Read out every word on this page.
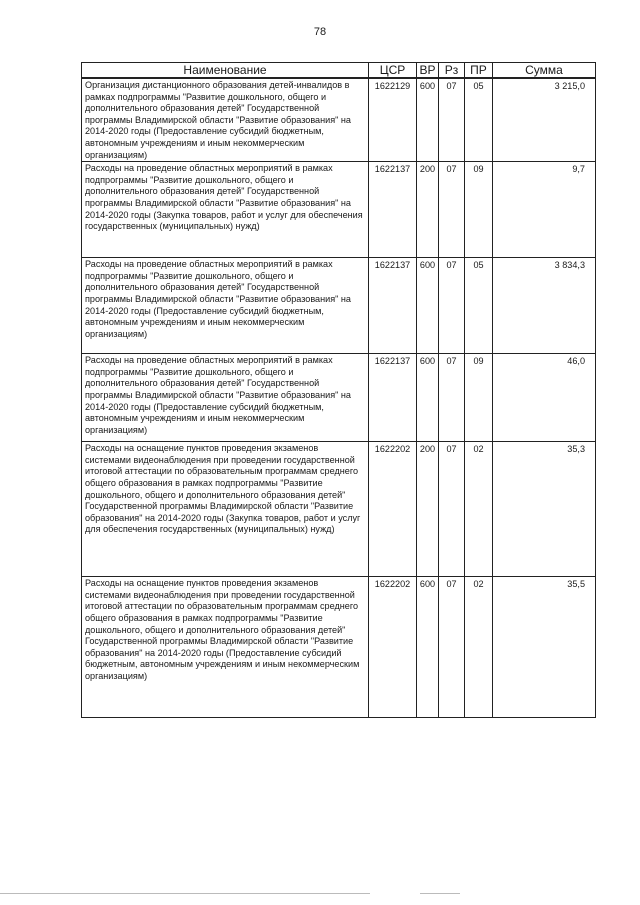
78
Наименование	ЦСР	ВР	Рз	ПР	Сумма
Организация дистанционного образования детей-инвалидов в рамках подпрограммы "Развитие дошкольного, общего и дополнительного образования детей" Государственной программы Владимирской области "Развитие образования" на 2014-2020 годы (Предоставление субсидий бюджетным, автономным учреждениям и иным некоммерческим организациям)	1622129	600	07	05	3 215,0
Расходы на проведение областных мероприятий в рамках подпрограммы "Развитие дошкольного, общего и дополнительного образования детей" Государственной программы Владимирской области "Развитие образования" на 2014-2020 годы (Закупка товаров, работ и услуг для обеспечения государственных (муниципальных) нужд)	1622137	200	07	09	9,7
Расходы на проведение областных мероприятий в рамках подпрограммы "Развитие дошкольного, общего и дополнительного образования детей" Государственной программы Владимирской области "Развитие образования" на 2014-2020 годы (Предоставление субсидий бюджетным, автономным учреждениям и иным некоммерческим организациям)	1622137	600	07	05	3 834,3
Расходы на проведение областных мероприятий в рамках подпрограммы "Развитие дошкольного, общего и дополнительного образования детей" Государственной программы Владимирской области "Развитие образования" на 2014-2020 годы (Предоставление субсидий бюджетным, автономным учреждениям и иным некоммерческим организациям)	1622137	600	07	09	46,0
Расходы на оснащение пунктов проведения экзаменов системами видеонаблюдения при проведении государственной итоговой аттестации по образовательным программам среднего общего образования в рамках подпрограммы "Развитие дошкольного, общего и дополнительного образования детей" Государственной программы Владимирской области "Развитие образования" на 2014-2020 годы (Закупка товаров, работ и услуг для обеспечения государственных (муниципальных) нужд)	1622202	200	07	02	35,3
Расходы на оснащение пунктов проведения экзаменов системами видеонаблюдения при проведении государственной итоговой аттестации по образовательным программам среднего общего образования в рамках подпрограммы "Развитие дошкольного, общего и дополнительного образования детей" Государственной программы Владимирской области "Развитие образования" на 2014-2020 годы (Предоставление субсидий бюджетным, автономным учреждениям и иным некоммерческим организациям)	1622202	600	07	02	35,5
